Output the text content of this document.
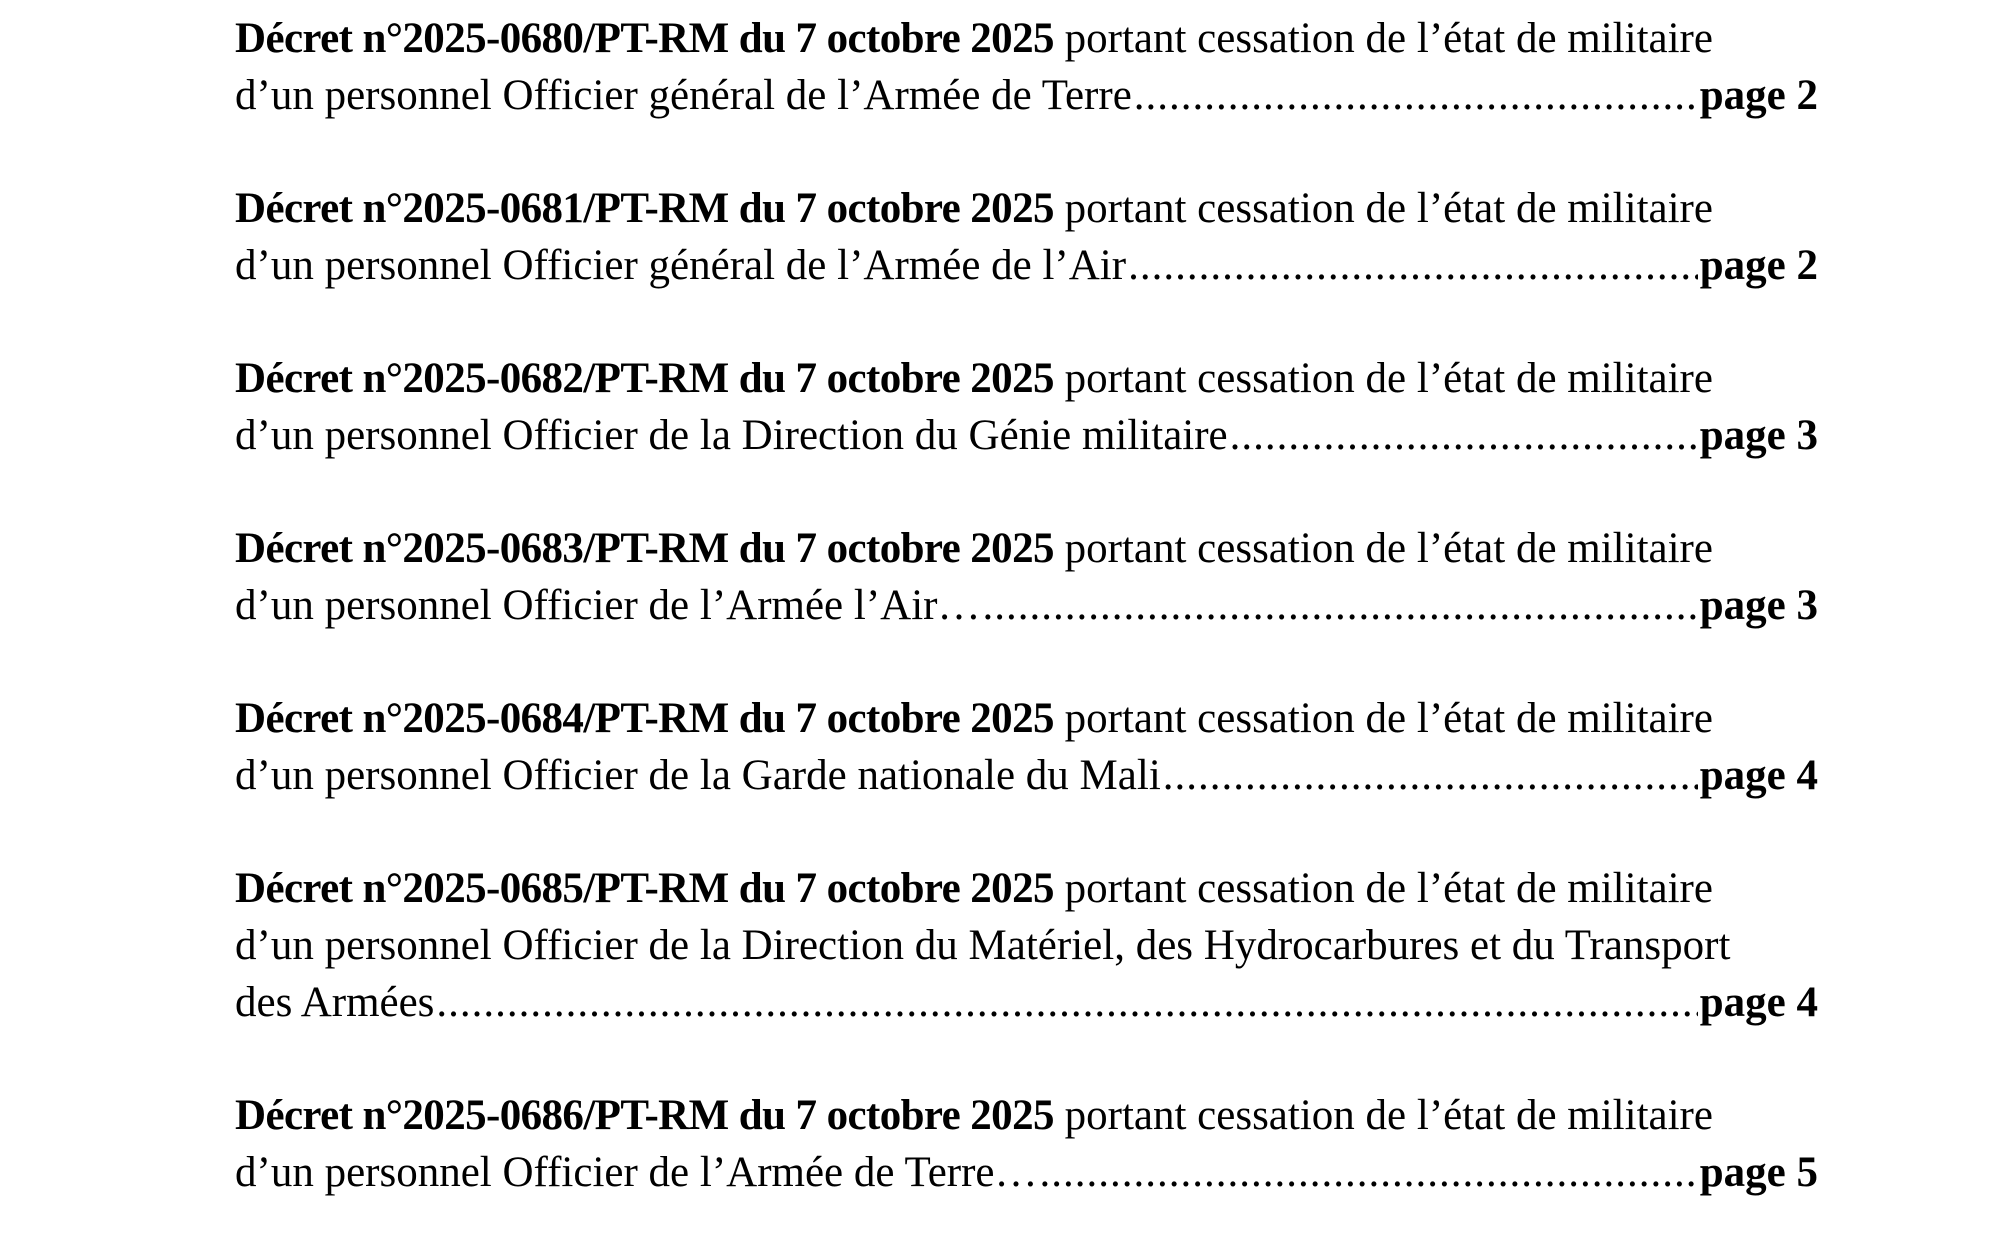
Décret n°2025-0680/PT-RM du 7 octobre 2025 portant cessation de l’état de militaire
d’un personnel Officier général de l’Armée de Terre .....	page 2
Décret n°2025-0681/PT-RM du 7 octobre 2025 portant cessation de l’état de militaire
d’un personnel Officier général de l’Armée de l’Air .....	page 2
Décret n°2025-0682/PT-RM du 7 octobre 2025 portant cessation de l’état de militaire
d’un personnel Officier de la Direction du Génie militaire .....	page 3
Décret n°2025-0683/PT-RM du 7 octobre 2025 portant cessation de l’état de militaire
d’un personnel Officier de l’Armée l’Air… .....	page 3
Décret n°2025-0684/PT-RM du 7 octobre 2025 portant cessation de l’état de militaire
d’un personnel Officier de la Garde nationale du Mali .....	page 4
Décret n°2025-0685/PT-RM du 7 octobre 2025 portant cessation de l’état de militaire
d’un personnel Officier de la Direction du Matériel, des Hydrocarbures et du Transport
des Armées .....	page 4
Décret n°2025-0686/PT-RM du 7 octobre 2025 portant cessation de l’état de militaire
d’un personnel Officier de l’Armée de Terre… .....	page 5
